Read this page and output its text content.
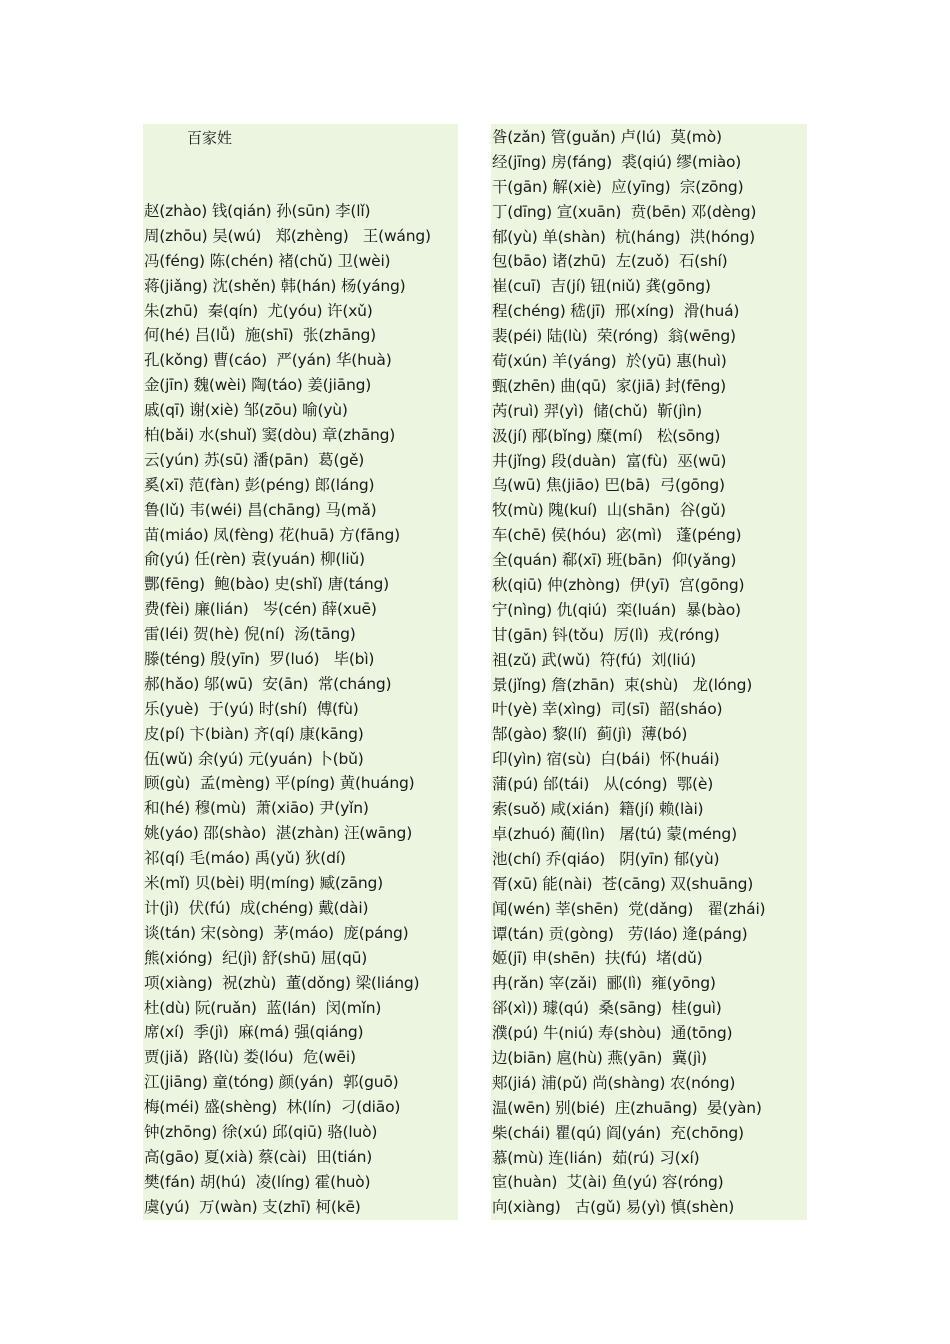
百家姓
赵(zhào) 钱(qián) 孙(sūn) 李(lǐ)
周(zhōu) 吴(wú)   郑(zhèng)   王(wáng)
冯(féng) 陈(chén) 褚(chǔ) 卫(wèi)
蒋(jiǎng) 沈(shěn) 韩(hán) 杨(yáng)
朱(zhū)  秦(qín)  尤(yóu) 许(xǔ)
何(hé) 吕(lǚ)  施(shī)  张(zhāng)
孔(kǒng) 曹(cáo)  严(yán) 华(huà)
金(jīn) 魏(wèi) 陶(táo) 姜(jiāng)
戚(qī) 谢(xiè) 邹(zōu) 喻(yù)
柏(bǎi) 水(shuǐ) 窦(dòu) 章(zhāng)
云(yún) 苏(sū) 潘(pān)  葛(gě)
奚(xī) 范(fàn) 彭(péng) 郎(láng)
鲁(lǔ) 韦(wéi) 昌(chāng) 马(mǎ)
苗(miáo) 凤(fèng) 花(huā) 方(fāng)
俞(yú) 任(rèn) 袁(yuán) 柳(liǔ)
酆(fēng)  鲍(bào) 史(shǐ) 唐(táng)
费(fèi) 廉(lián)   岑(cén) 薛(xuē)
雷(léi) 贺(hè) 倪(ní)  汤(tāng)
滕(téng) 殷(yīn)  罗(luó)   毕(bì)
郝(hǎo) 邬(wū)  安(ān)  常(cháng)
乐(yuè)  于(yú) 时(shí)  傅(fù)
皮(pí) 卞(biàn) 齐(qí) 康(kāng)
伍(wǔ) 余(yú) 元(yuán) 卜(bǔ)
顾(gù)  孟(mèng) 平(píng) 黄(huáng)
和(hé) 穆(mù)  萧(xiāo) 尹(yǐn)
姚(yáo) 邵(shào)  湛(zhàn) 汪(wāng)
祁(qí) 毛(máo) 禹(yǔ) 狄(dí)
米(mǐ) 贝(bèi) 明(míng) 臧(zāng)
计(jì)  伏(fú)  成(chéng) 戴(dài)
谈(tán) 宋(sòng)  茅(máo)  庞(páng)
熊(xióng)  纪(jì) 舒(shū) 屈(qū)
项(xiàng)  祝(zhù)  董(dǒng) 梁(liáng)
杜(dù) 阮(ruǎn)  蓝(lán)  闵(mǐn)
席(xí)  季(jì)  麻(má) 强(qiáng)
贾(jiǎ)  路(lù) 娄(lóu)  危(wēi)
江(jiāng) 童(tóng) 颜(yán)  郭(guō)
梅(méi) 盛(shèng)  林(lín)  刁(diāo)
钟(zhōng) 徐(xú) 邱(qiū) 骆(luò)
高(gāo) 夏(xià) 蔡(cài)  田(tián)
樊(fán) 胡(hú)  凌(líng) 霍(huò)
虞(yú)  万(wàn) 支(zhī) 柯(kē)
昝(zǎn) 管(guǎn) 卢(lú)  莫(mò)
经(jīng) 房(fáng)  裘(qiú) 缪(miào)
干(gān) 解(xiè)  应(yīng)  宗(zōng)
丁(dīng) 宣(xuān)  贲(bēn) 邓(dèng)
郁(yù) 单(shàn)  杭(háng)  洪(hóng)
包(bāo) 诸(zhū)  左(zuǒ)  石(shí)
崔(cuī)  吉(jí) 钮(niǔ) 龚(gōng)
程(chéng) 嵇(jī)  邢(xíng)  滑(huá)
裴(péi) 陆(lù)  荣(róng)  翁(wēng)
荀(xún) 羊(yáng)  於(yū) 惠(huì)
甄(zhēn) 曲(qū)  家(jiā) 封(fēng)
芮(ruì) 羿(yì)  储(chǔ)  靳(jìn)
汲(jí) 邴(bǐng) 糜(mí)   松(sōng)
井(jǐng) 段(duàn)  富(fù)  巫(wū)
乌(wū) 焦(jiāo) 巴(bā)  弓(gōng)
牧(mù) 隗(kuí)  山(shān)  谷(gǔ)
车(chē) 侯(hóu)  宓(mì)   蓬(péng)
全(quán) 郗(xī) 班(bān)  仰(yǎng)
秋(qiū) 仲(zhòng)  伊(yī)  宫(gōng)
宁(nìng) 仇(qiú)  栾(luán)  暴(bào)
甘(gān) 钭(tǒu)  厉(lì)  戎(róng)
祖(zǔ) 武(wǔ)  符(fú)  刘(liú)
景(jǐng) 詹(zhān)  束(shù)   龙(lóng)
叶(yè) 幸(xìng)  司(sī)  韶(sháo)
郜(gào) 黎(lí)  蓟(jì)  薄(bó)
印(yìn) 宿(sù)  白(bái)  怀(huái)
蒲(pú) 邰(tái)   从(cóng)  鄂(è)
索(suǒ) 咸(xián)  籍(jí) 赖(lài)
卓(zhuó) 蔺(lìn)   屠(tú) 蒙(méng)
池(chí) 乔(qiáo)   阴(yīn) 郁(yù)
胥(xū) 能(nài)  苍(cāng) 双(shuāng)
闻(wén) 莘(shēn)  党(dǎng)   翟(zhái)
谭(tán) 贡(gòng)   劳(láo) 逄(páng)
姬(jī) 申(shēn)  扶(fú)  堵(dǔ)
冉(rǎn) 宰(zǎi)  郦(lì)  雍(yōng)
郤(xì)) 璩(qú)  桑(sāng)  桂(guì)
濮(pú) 牛(niú) 寿(shòu)  通(tōng)
边(biān) 扈(hù) 燕(yān)  冀(jì)
郏(jiá) 浦(pǔ) 尚(shàng) 农(nóng)
温(wēn) 别(bié)  庄(zhuāng)  晏(yàn)
柴(chái) 瞿(qú) 阎(yán)  充(chōng)
慕(mù) 连(lián)  茹(rú) 习(xí)
宦(huàn)  艾(ài) 鱼(yú) 容(róng)
向(xiàng)   古(gǔ) 易(yì) 慎(shèn)
